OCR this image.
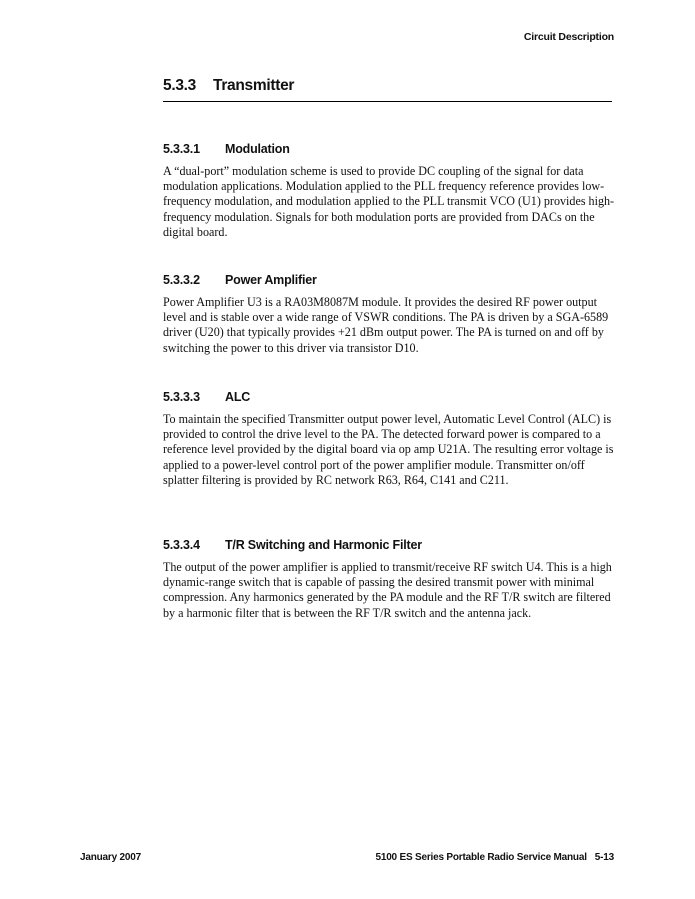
Circuit Description
5.3.3 Transmitter
5.3.3.1 Modulation

A “dual-port” modulation scheme is used to provide DC coupling of the signal for data modulation applications. Modulation applied to the PLL frequency reference provides low-frequency modulation, and modulation applied to the PLL transmit VCO (U1) provides high-frequency modulation. Signals for both modulation ports are provided from DACs on the digital board.

5.3.3.2 Power Amplifier

Power Amplifier U3 is a RA03M8087M module. It provides the desired RF power output level and is stable over a wide range of VSWR conditions. The PA is driven by a SGA-6589 driver (U20) that typically provides +21 dBm output power. The PA is turned on and off by switching the power to this driver via transistor D10.

5.3.3.3 ALC

To maintain the specified Transmitter output power level, Automatic Level Control (ALC) is provided to control the drive level to the PA. The detected forward power is compared to a reference level provided by the digital board via op amp U21A. The resulting error voltage is applied to a power-level control port of the power amplifier module. Transmitter on/off splatter filtering is provided by RC network R63, R64, C141 and C211.

5.3.3.4 T/R Switching and Harmonic Filter

The output of the power amplifier is applied to transmit/receive RF switch U4. This is a high dynamic-range switch that is capable of passing the desired transmit power with minimal compression. Any harmonics generated by the PA module and the RF T/R switch are filtered by a harmonic filter that is between the RF T/R switch and the antenna jack.

January 2007	5100 ES Series Portable Radio Service Manual 5-13
